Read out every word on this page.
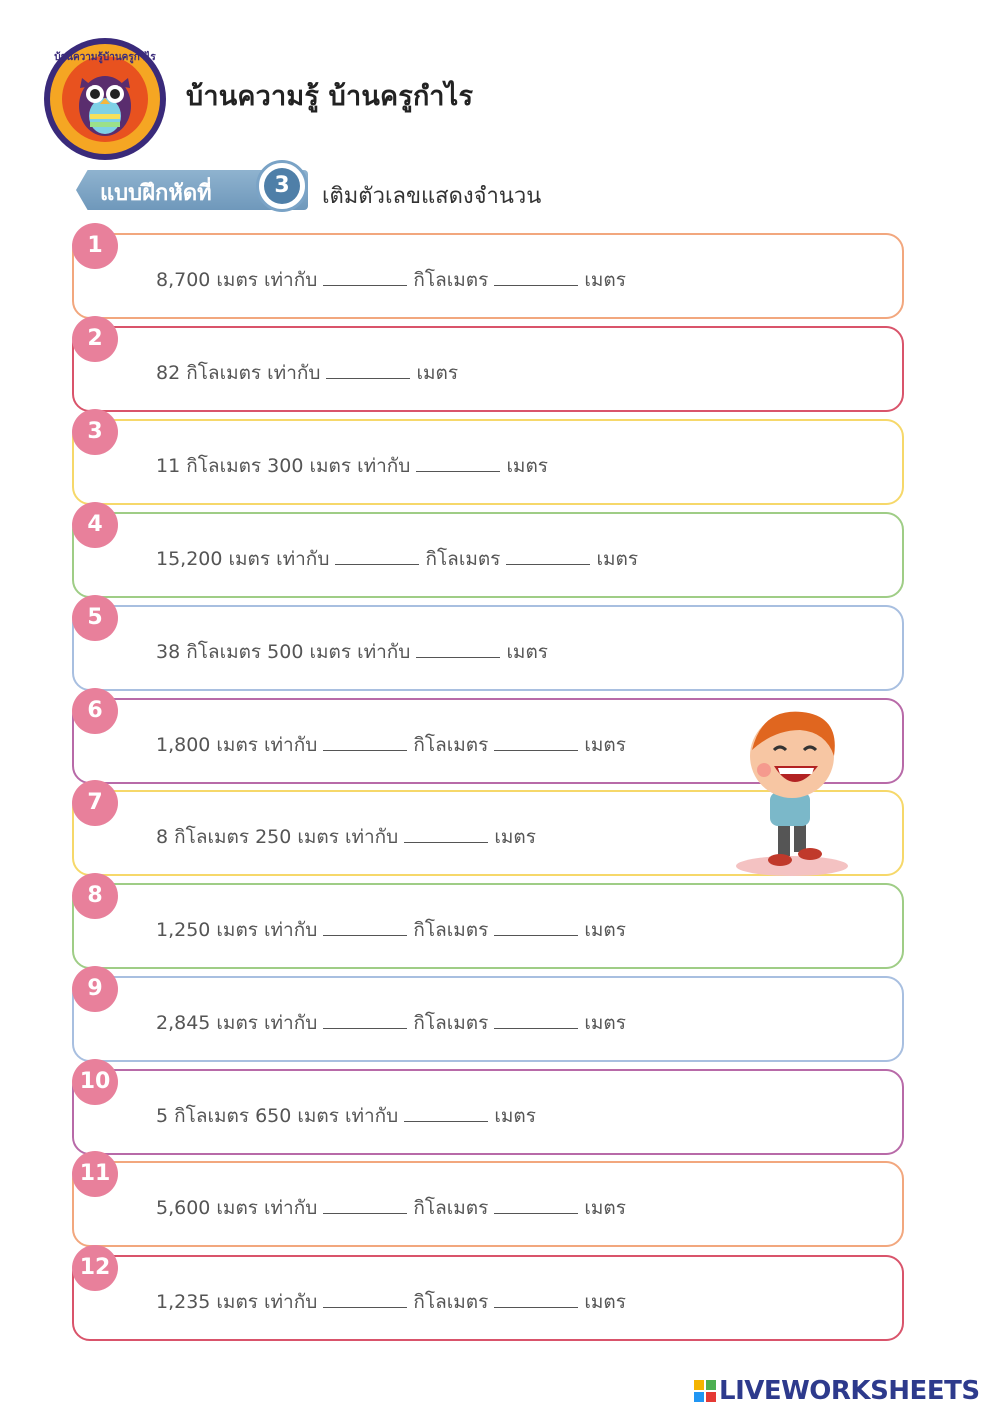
บ้านความรู้บ้านครูกำไร
บ้านความรู้ บ้านครูกำไร
แบบฝึกหัดที่	3	เติมตัวเลขแสดงจำนวน
1
8,700 เมตร เท่ากับ	กิโลเมตร	เมตร
2
82 กิโลเมตร เท่ากับ	เมตร
3
11 กิโลเมตร 300 เมตร เท่ากับ	เมตร
4
15,200 เมตร เท่ากับ	กิโลเมตร	เมตร
5
38 กิโลเมตร 500 เมตร เท่ากับ	เมตร
6
1,800 เมตร เท่ากับ	กิโลเมตร	เมตร
7
8 กิโลเมตร 250 เมตร เท่ากับ	เมตร
8
1,250 เมตร เท่ากับ	กิโลเมตร	เมตร
9
2,845 เมตร เท่ากับ	กิโลเมตร	เมตร
10
5 กิโลเมตร 650 เมตร เท่ากับ	เมตร
11
5,600 เมตร เท่ากับ	กิโลเมตร	เมตร
12
1,235 เมตร เท่ากับ	กิโลเมตร	เมตร
LIVEWORKSHEETS
